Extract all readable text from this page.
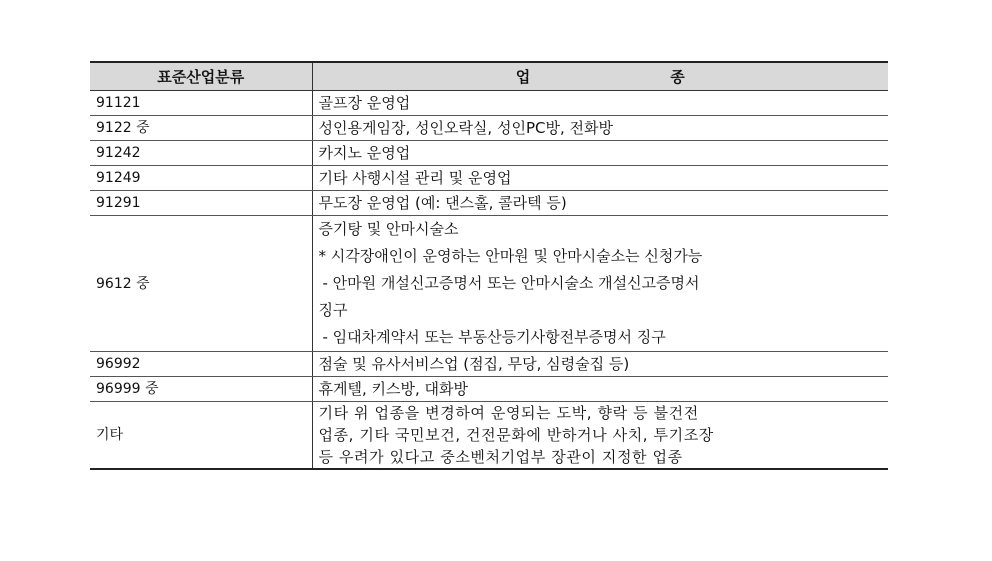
표준산업분류	업 종
91121	골프장 운영업
9122 중	성인용게임장, 성인오락실, 성인PC방, 전화방
91242	카지노 운영업
91249	기타 사행시설 관리 및 운영업
91291	무도장 운영업 (예: 댄스홀, 콜라텍 등)
9612 중	증기탕 및 안마시술소
* 시각장애인이 운영하는 안마원 및 안마시술소는 신청가능
- 안마원 개설신고증명서 또는 안마시술소 개설신고증명서
징구
- 임대차계약서 또는 부동산등기사항전부증명서 징구

96992	점술 및 유사서비스업 (점집, 무당, 심령술집 등)
96999 중	휴게텔, 키스방, 대화방
기타	기타 위 업종을 변경하여 운영되는 도박, 향락 등 불건전
업종, 기타 국민보건, 건전문화에 반하거나 사치, 투기조장
등 우려가 있다고 중소벤처기업부 장관이 지정한 업종
